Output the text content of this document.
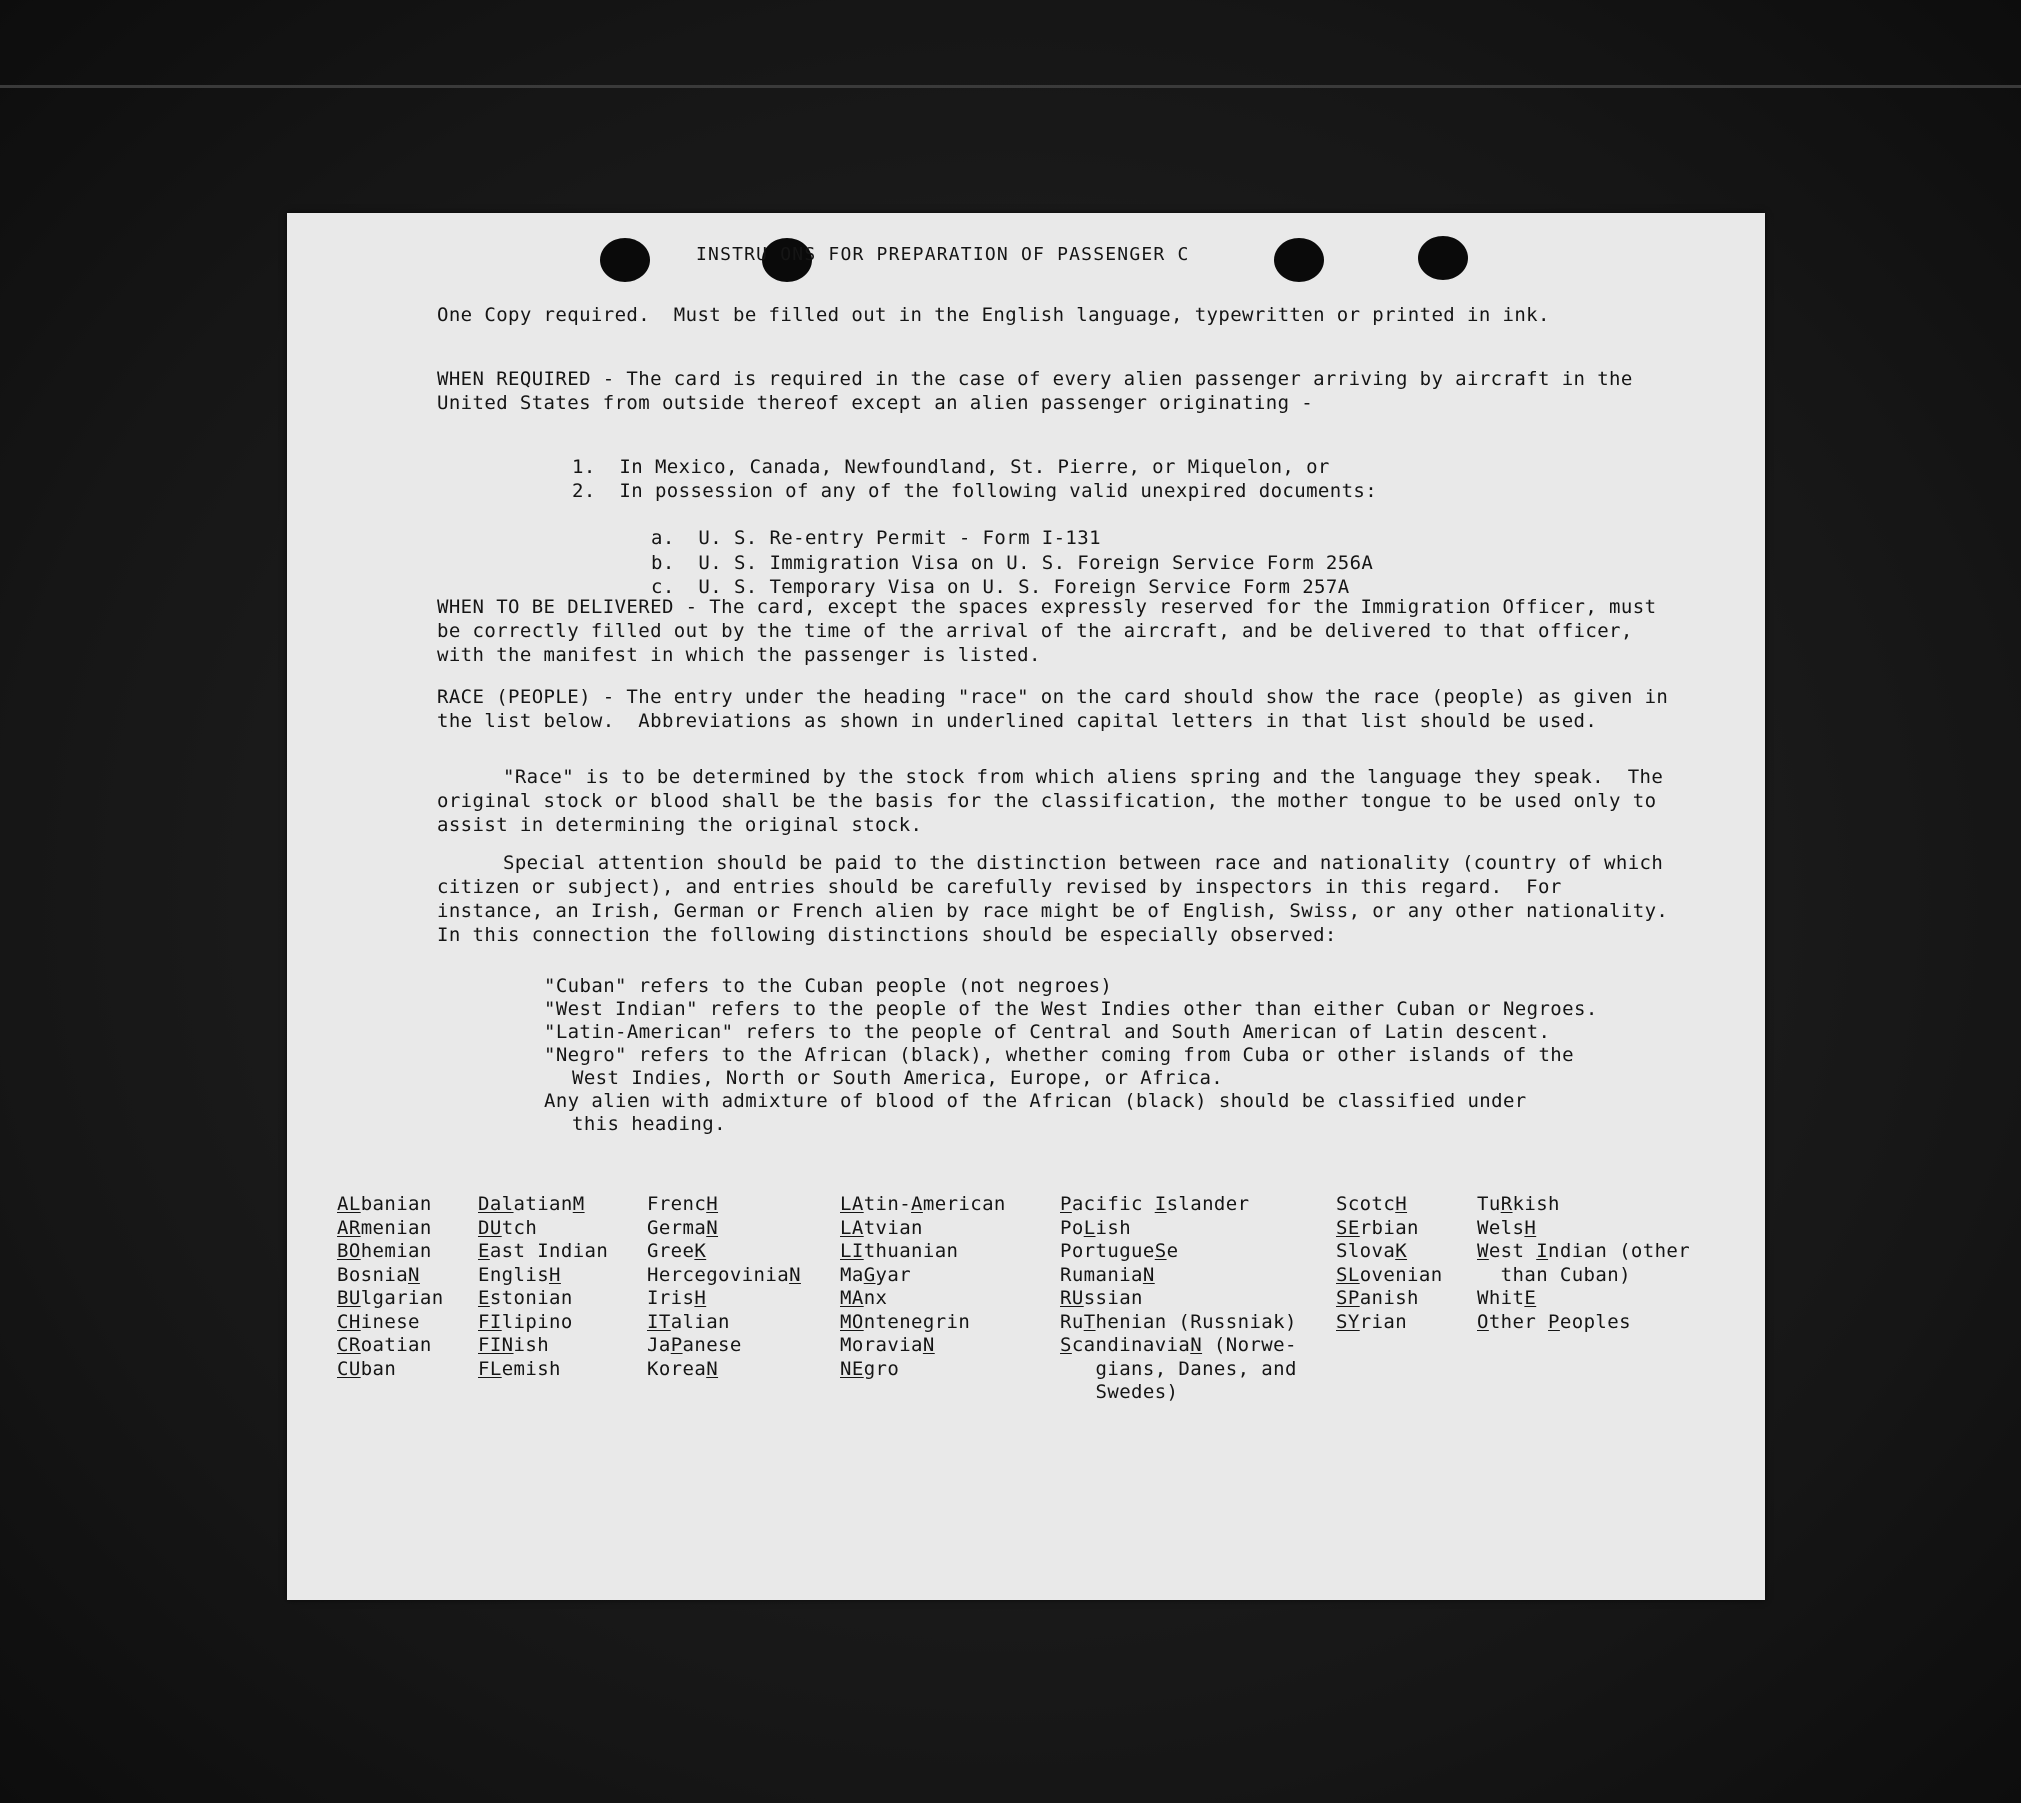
INSTRU ONS FOR PREPARATION OF PASSENGER C

One Copy required.  Must be filled out in the English language, typewritten or printed in ink.

WHEN REQUIRED - The card is required in the case of every alien passenger arriving by aircraft in the United States from outside thereof except an alien passenger originating -

1. In Mexico, Canada, Newfoundland, St. Pierre, or Miquelon, or

2. In possession of any of the following valid unexpired documents:

a. U. S. Re-entry Permit - Form I-131

b. U. S. Immigration Visa on U. S. Foreign Service Form 256A

c. U. S. Temporary Visa on U. S. Foreign Service Form 257A

WHEN TO BE DELIVERED - The card, except the spaces expressly reserved for the Immigration Officer, must be correctly filled out by the time of the arrival of the aircraft, and be delivered to that officer, with the manifest in which the passenger is listed.

RACE (PEOPLE) - The entry under the heading "race" on the card should show the race (people) as given in the list below.  Abbreviations as shown in underlined capital letters in that list should be used.

"Race" is to be determined by the stock from which aliens spring and the language they speak.  The original stock or blood shall be the basis for the classification, the mother tongue to be used only to assist in determining the original stock.

Special attention should be paid to the distinction between race and nationality (country of which citizen or subject), and entries should be carefully revised by inspectors in this regard.  For instance, an Irish, German or French alien by race might be of English, Swiss, or any other nationality.  In this connection the following distinctions should be especially observed:

"Cuban" refers to the Cuban people (not negroes)
"West Indian" refers to the people of the West Indies other than either Cuban or Negroes.
"Latin-American" refers to the people of Central and South American of Latin descent.
"Negro" refers to the African (black), whether coming from Cuba or other islands of the
West Indies, North or South America, Europe, or Africa.
Any alien with admixture of blood of the African (black) should be classified under
this heading.
ALbanian
ARmenian
BOhemian
BosniaN
BUlgarian
CHinese
CRoatian
CUban
DalatianM
DUtch
East Indian
EnglisH
Estonian
FIlipino
FINish
FLemish
FrencH
GermaN
GreeK
HercegoviniaN
IrisH
ITalian
JaPanese
KoreaN
LAtin-American
LAtvian
LIthuanian
MaGyar
MAnx
MOntenegrin
MoraviaN
NEgro
Pacific Islander
PoLish
PortugueSe
RumaniaN
RUssian
RuThenian (Russniak)
ScandinaviaN (Norwe-
gians, Danes, and
Swedes)
ScotcH
SErbian
SlovaK
SLovenian
SPanish
SYrian
TuRkish
WelsH
West Indian (other
than Cuban)
WhitE
Other Peoples
